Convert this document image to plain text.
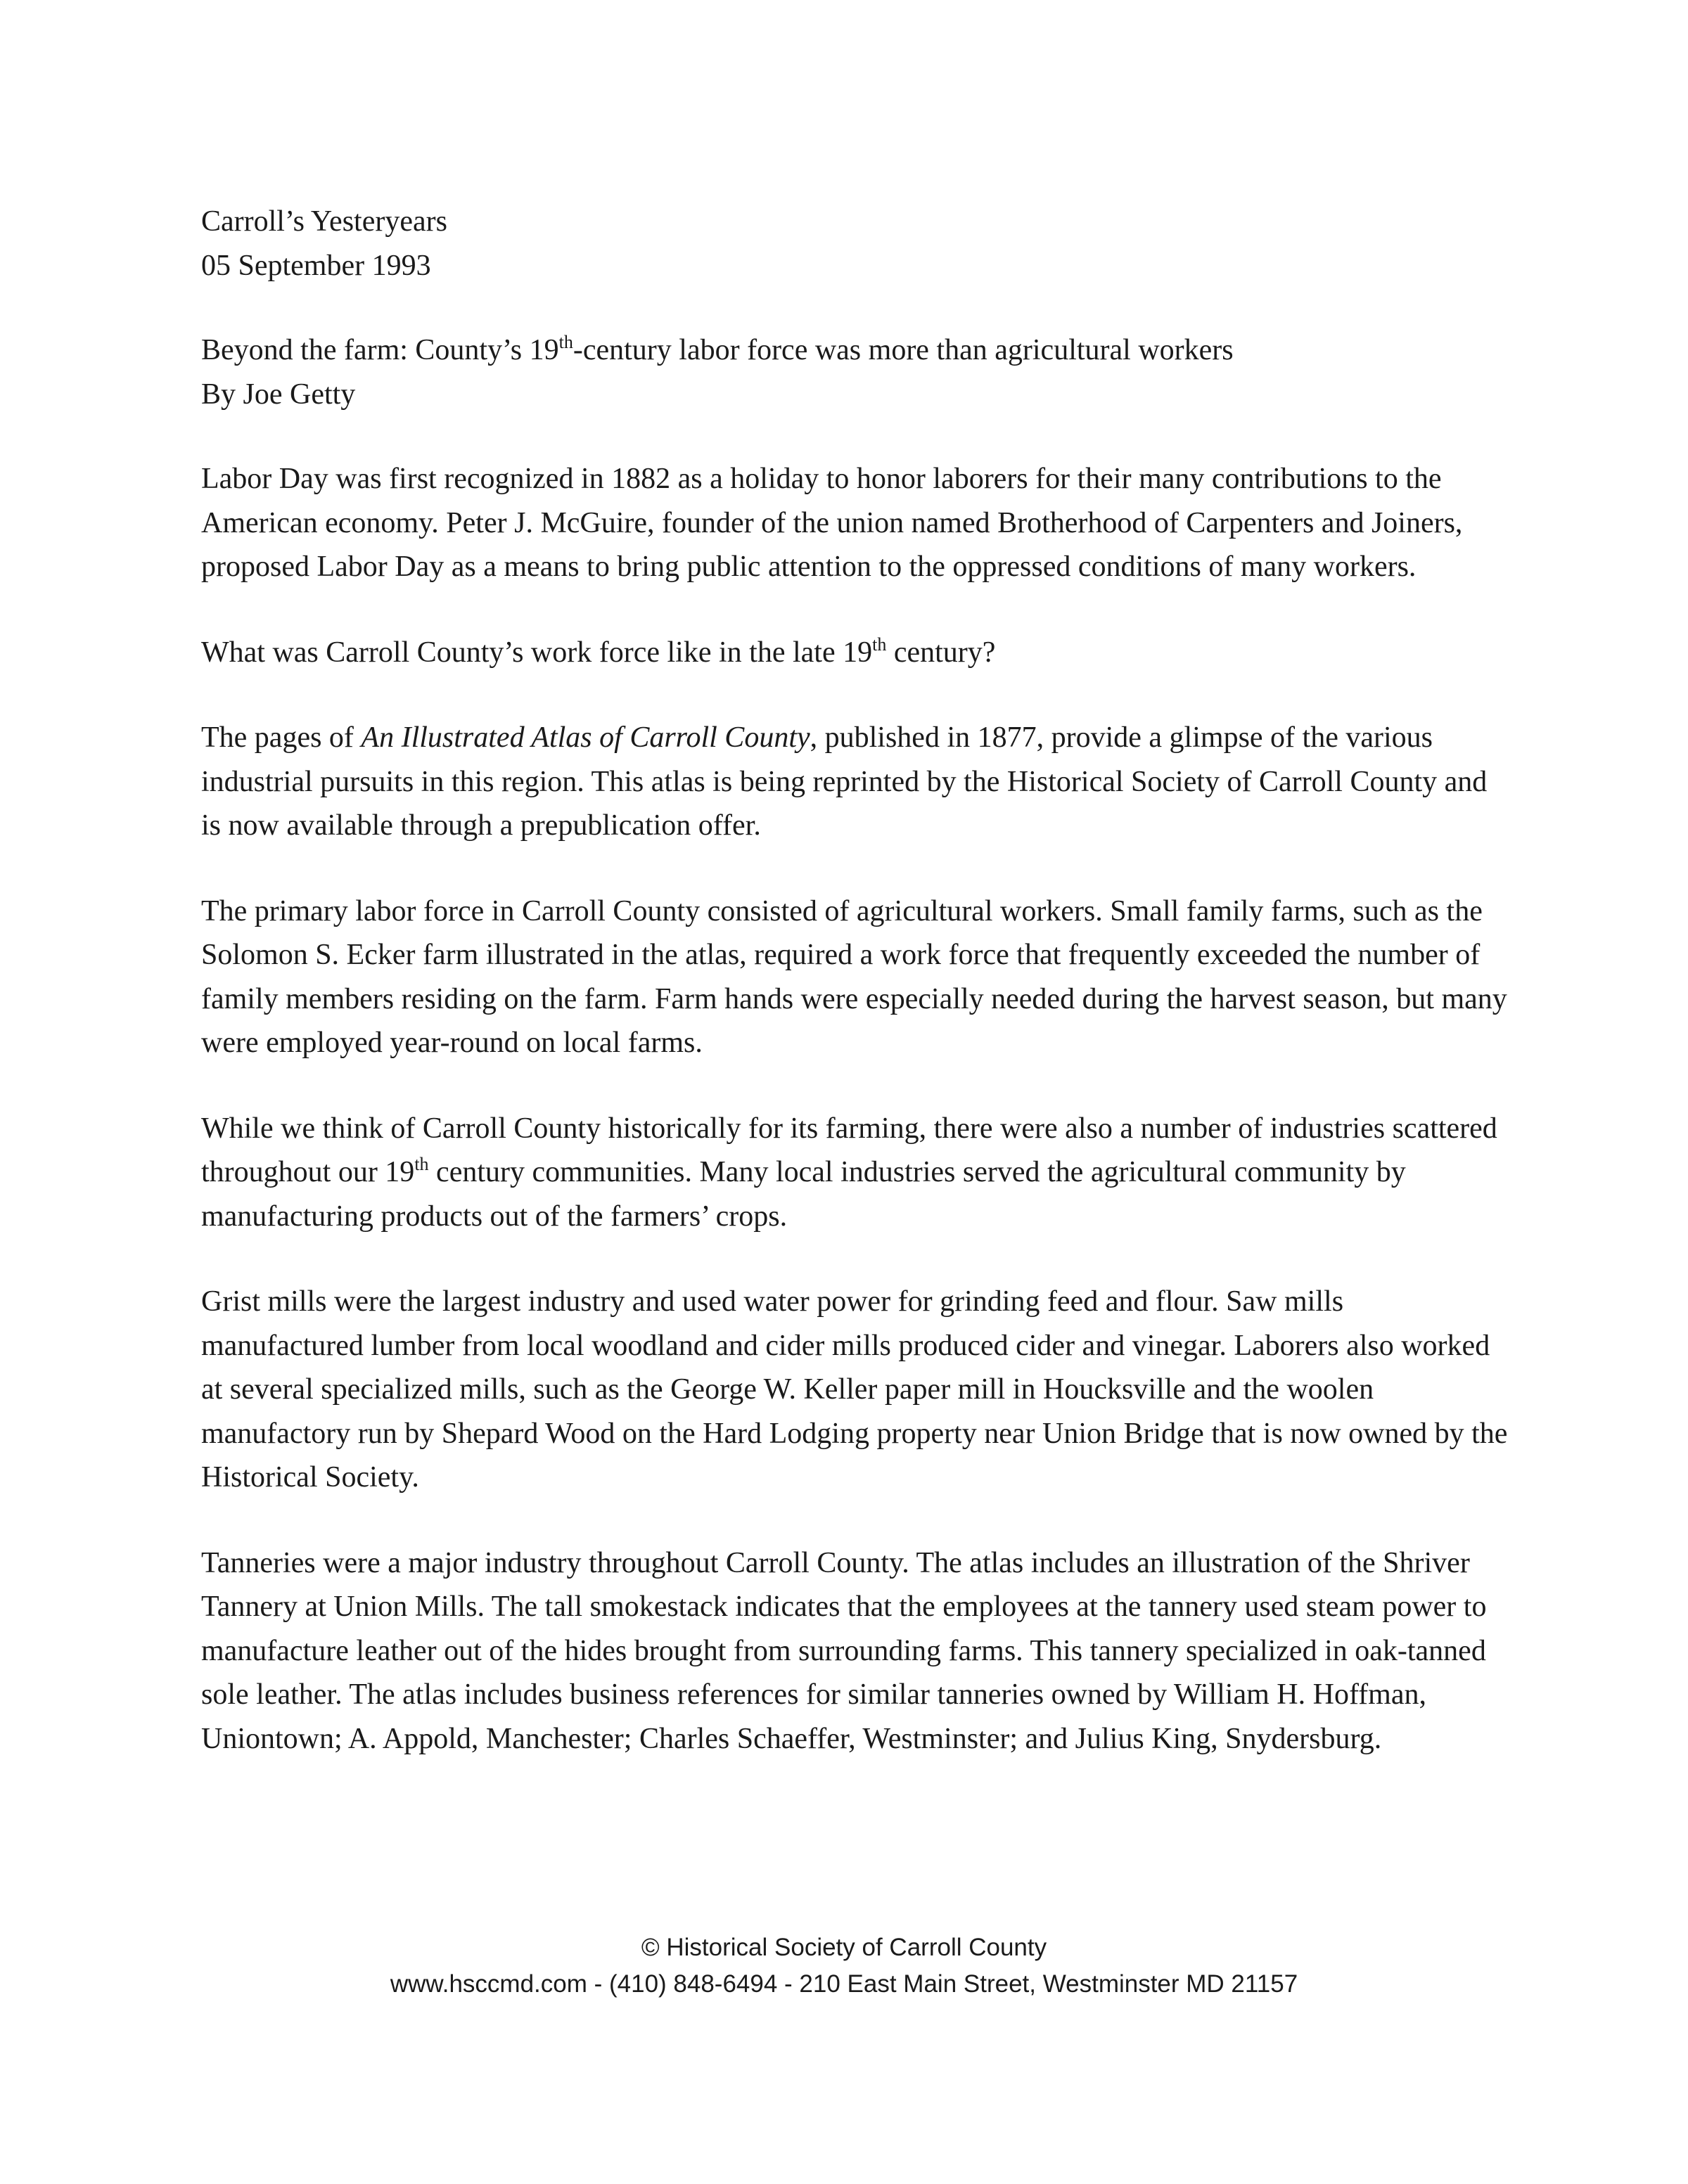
Carroll’s Yesteryears
05 September 1993
Beyond the farm: County’s 19th-century labor force was more than agricultural workers
By Joe Getty

Labor Day was first recognized in 1882 as a holiday to honor laborers for their many contributions to the American economy. Peter J. McGuire, founder of the union named Brotherhood of Carpenters and Joiners, proposed Labor Day as a means to bring public attention to the oppressed conditions of many workers.

What was Carroll County’s work force like in the late 19th century?

The pages of An Illustrated Atlas of Carroll County, published in 1877, provide a glimpse of the various industrial pursuits in this region. This atlas is being reprinted by the Historical Society of Carroll County and is now available through a prepublication offer.

The primary labor force in Carroll County consisted of agricultural workers. Small family farms, such as the Solomon S. Ecker farm illustrated in the atlas, required a work force that frequently exceeded the number of family members residing on the farm. Farm hands were especially needed during the harvest season, but many were employed year-round on local farms.

While we think of Carroll County historically for its farming, there were also a number of industries scattered throughout our 19th century communities. Many local industries served the agricultural community by manufacturing products out of the farmers’ crops.

Grist mills were the largest industry and used water power for grinding feed and flour. Saw mills manufactured lumber from local woodland and cider mills produced cider and vinegar. Laborers also worked at several specialized mills, such as the George W. Keller paper mill in Houcksville and the woolen manufactory run by Shepard Wood on the Hard Lodging property near Union Bridge that is now owned by the Historical Society.

Tanneries were a major industry throughout Carroll County. The atlas includes an illustration of the Shriver Tannery at Union Mills. The tall smokestack indicates that the employees at the tannery used steam power to manufacture leather out of the hides brought from surrounding farms. This tannery specialized in oak-tanned sole leather. The atlas includes business references for similar tanneries owned by William H. Hoffman, Uniontown; A. Appold, Manchester; Charles Schaeffer, Westminster; and Julius King, Snydersburg.

© Historical Society of Carroll County
www.hsccmd.com - (410) 848-6494 - 210 East Main Street, Westminster MD 21157
